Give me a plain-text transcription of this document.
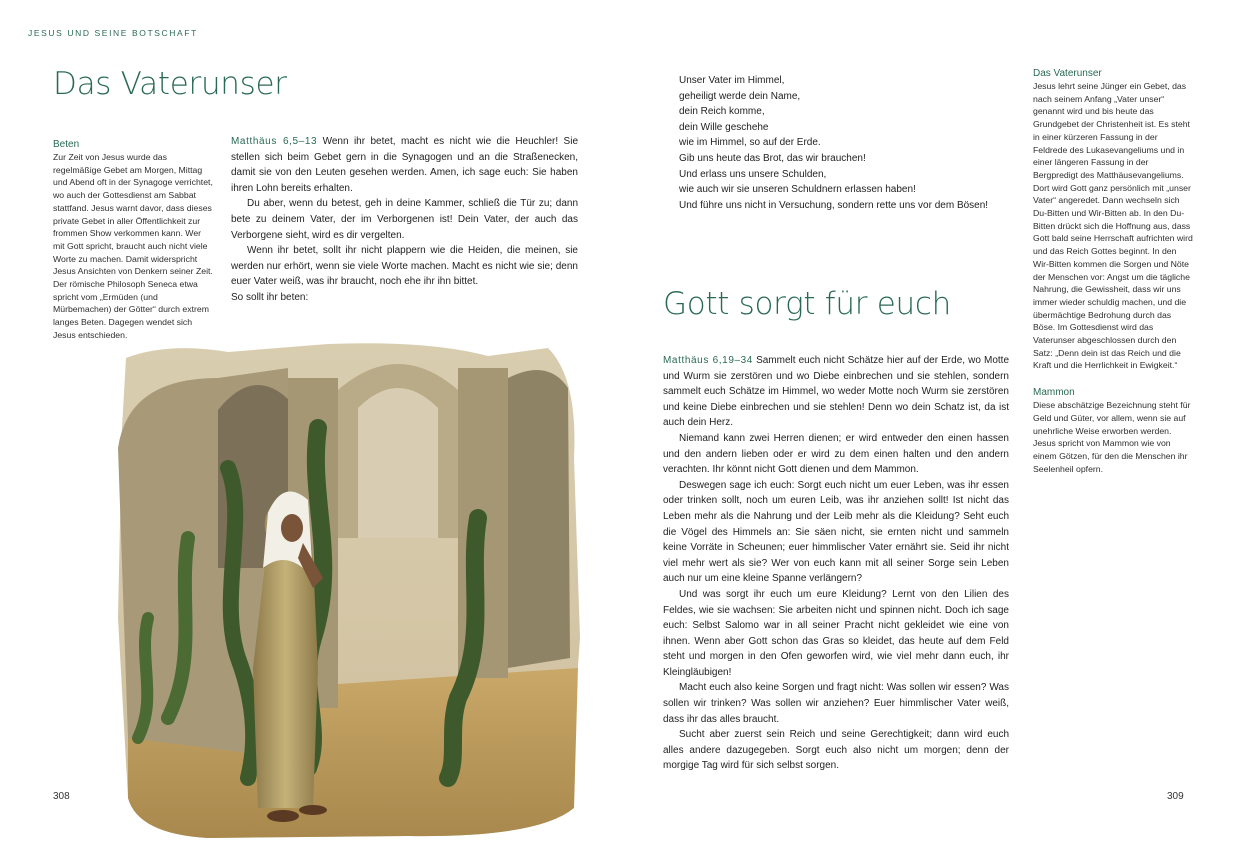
JESUS UND SEINE BOTSCHAFT
Das Vaterunser
Beten
Zur Zeit von Jesus wurde das regelmäßige Gebet am Morgen, Mittag und Abend oft in der Synagoge verrichtet, wo auch der Gottesdienst am Sabbat stattfand. Jesus warnt davor, dass dieses private Gebet in aller Öffentlichkeit zur frommen Show verkommen kann. Wer mit Gott spricht, braucht auch nicht viele Worte zu machen. Damit widerspricht Jesus Ansichten von Denkern seiner Zeit. Der römische Philosoph Seneca etwa spricht vom „Ermüden (und Mürbemachen) der Götter“ durch extrem langes Beten. Dagegen wendet sich Jesus entschieden.

Matthäus 6,5–13 Wenn ihr betet, macht es nicht wie die Heuchler! Sie stellen sich beim Gebet gern in die Synagogen und an die Straßenecken, damit sie von den Leuten gesehen werden. Amen, ich sage euch: Sie haben ihren Lohn bereits erhalten.

Du aber, wenn du betest, geh in deine Kammer, schließ die Tür zu; dann bete zu deinem Vater, der im Verborgenen ist! Dein Vater, der auch das Verborgene sieht, wird es dir vergelten.

Wenn ihr betet, sollt ihr nicht plappern wie die Heiden, die meinen, sie werden nur erhört, wenn sie viele Worte machen. Macht es nicht wie sie; denn euer Vater weiß, was ihr braucht, noch ehe ihr ihn bittet.

So sollt ihr beten:

308
Unser Vater im Himmel,
geheiligt werde dein Name,
dein Reich komme,
dein Wille geschehe
wie im Himmel, so auf der Erde.
Gib uns heute das Brot, das wir brauchen!
Und erlass uns unsere Schulden,
wie auch wir sie unseren Schuldnern erlassen haben!
Und führe uns nicht in Versuchung, sondern rette uns vor dem Bösen!
Gott sorgt für euch

Matthäus 6,19–34 Sammelt euch nicht Schätze hier auf der Erde, wo Motte und Wurm sie zerstören und wo Diebe einbrechen und sie stehlen, sondern sammelt euch Schätze im Himmel, wo weder Motte noch Wurm sie zerstören und keine Diebe einbrechen und sie stehlen! Denn wo dein Schatz ist, da ist auch dein Herz.

Niemand kann zwei Herren dienen; er wird entweder den einen hassen und den andern lieben oder er wird zu dem einen halten und den andern verachten. Ihr könnt nicht Gott dienen und dem Mammon.

Deswegen sage ich euch: Sorgt euch nicht um euer Leben, was ihr essen oder trinken sollt, noch um euren Leib, was ihr anziehen sollt! Ist nicht das Leben mehr als die Nahrung und der Leib mehr als die Kleidung? Seht euch die Vögel des Himmels an: Sie säen nicht, sie ernten nicht und sammeln keine Vorräte in Scheunen; euer himmlischer Vater ernährt sie. Seid ihr nicht viel mehr wert als sie? Wer von euch kann mit all seiner Sorge sein Leben auch nur um eine kleine Spanne verlängern?

Und was sorgt ihr euch um eure Kleidung? Lernt von den Lilien des Feldes, wie sie wachsen: Sie arbeiten nicht und spinnen nicht. Doch ich sage euch: Selbst Salomo war in all seiner Pracht nicht gekleidet wie eine von ihnen. Wenn aber Gott schon das Gras so kleidet, das heute auf dem Feld steht und morgen in den Ofen geworfen wird, wie viel mehr dann euch, ihr Kleingläubigen!

Macht euch also keine Sorgen und fragt nicht: Was sollen wir essen? Was sollen wir trinken? Was sollen wir anziehen? Euer himmlischer Vater weiß, dass ihr das alles braucht.

Sucht aber zuerst sein Reich und seine Gerechtigkeit; dann wird euch alles andere dazugegeben. Sorgt euch also nicht um morgen; denn der morgige Tag wird für sich selbst sorgen.

Das Vaterunser
Jesus lehrt seine Jünger ein Gebet, das nach seinem Anfang „Vater unser“ genannt wird und bis heute das Grundgebet der Christenheit ist. Es steht in einer kürzeren Fassung in der Feldrede des Lukasevangeliums und in einer längeren Fassung in der Bergpredigt des Matthäusevangeliums. Dort wird Gott ganz persönlich mit „unser Vater“ angeredet. Dann wechseln sich Du-Bitten und Wir-Bitten ab. In den Du-Bitten drückt sich die Hoffnung aus, dass Gott bald seine Herrschaft aufrichten wird und das Reich Gottes beginnt. In den Wir-Bitten kommen die Sorgen und Nöte der Menschen vor: Angst um die tägliche Nahrung, die Gewissheit, dass wir uns immer wieder schuldig machen, und die übermächtige Bedrohung durch das Böse. Im Gottesdienst wird das Vaterunser abgeschlossen durch den Satz: „Denn dein ist das Reich und die Kraft und die Herrlichkeit in Ewigkeit.“
Mammon
Diese abschätzige Bezeichnung steht für Geld und Güter, vor allem, wenn sie auf unehrliche Weise erworben werden. Jesus spricht von Mammon wie von einem Götzen, für den die Menschen ihr Seelenheil opfern.
309
